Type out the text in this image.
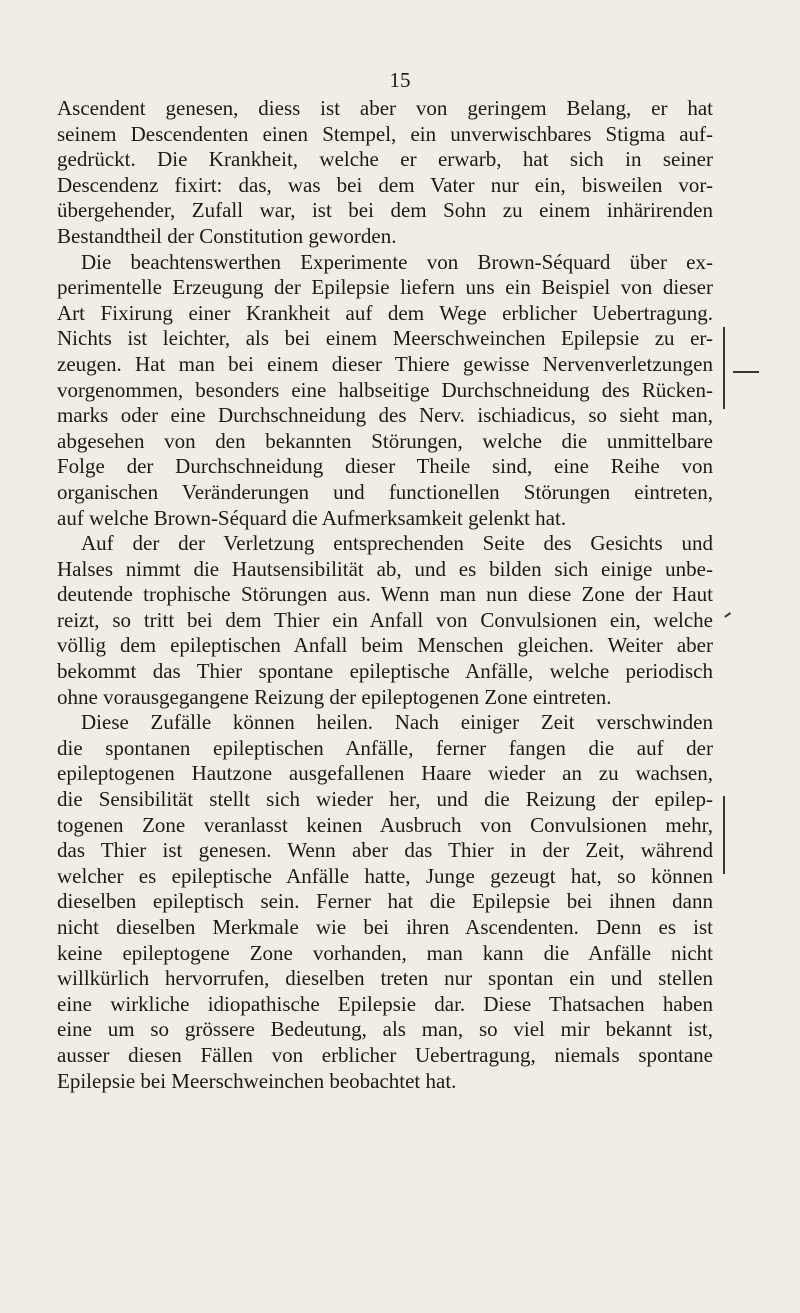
15
Ascendent genesen, diess ist aber von geringem Belang, er hat
seinem Descendenten einen Stempel, ein unverwischbares Stigma auf-
gedrückt. Die Krankheit, welche er erwarb, hat sich in seiner
Descendenz fixirt: das, was bei dem Vater nur ein, bisweilen vor-
übergehender, Zufall war, ist bei dem Sohn zu einem inhärirenden
Bestandtheil der Constitution geworden.
Die beachtenswerthen Experimente von Brown-Séquard über ex-
perimentelle Erzeugung der Epilepsie liefern uns ein Beispiel von dieser
Art Fixirung einer Krankheit auf dem Wege erblicher Uebertragung.
Nichts ist leichter, als bei einem Meerschweinchen Epilepsie zu er-
zeugen. Hat man bei einem dieser Thiere gewisse Nervenverletzungen
vorgenommen, besonders eine halbseitige Durchschneidung des Rücken-
marks oder eine Durchschneidung des Nerv. ischiadicus, so sieht man,
abgesehen von den bekannten Störungen, welche die unmittelbare
Folge der Durchschneidung dieser Theile sind, eine Reihe von
organischen Veränderungen und functionellen Störungen eintreten,
auf welche Brown-Séquard die Aufmerksamkeit gelenkt hat.
Auf der der Verletzung entsprechenden Seite des Gesichts und
Halses nimmt die Hautsensibilität ab, und es bilden sich einige unbe-
deutende trophische Störungen aus. Wenn man nun diese Zone der Haut
reizt, so tritt bei dem Thier ein Anfall von Convulsionen ein, welche
völlig dem epileptischen Anfall beim Menschen gleichen. Weiter aber
bekommt das Thier spontane epileptische Anfälle, welche periodisch
ohne vorausgegangene Reizung der epileptogenen Zone eintreten.
Diese Zufälle können heilen. Nach einiger Zeit verschwinden
die spontanen epileptischen Anfälle, ferner fangen die auf der
epileptogenen Hautzone ausgefallenen Haare wieder an zu wachsen,
die Sensibilität stellt sich wieder her, und die Reizung der epilep-
togenen Zone veranlasst keinen Ausbruch von Convulsionen mehr,
das Thier ist genesen. Wenn aber das Thier in der Zeit, während
welcher es epileptische Anfälle hatte, Junge gezeugt hat, so können
dieselben epileptisch sein. Ferner hat die Epilepsie bei ihnen dann
nicht dieselben Merkmale wie bei ihren Ascendenten. Denn es ist
keine epileptogene Zone vorhanden, man kann die Anfälle nicht
willkürlich hervorrufen, dieselben treten nur spontan ein und stellen
eine wirkliche idiopathische Epilepsie dar. Diese Thatsachen haben
eine um so grössere Bedeutung, als man, so viel mir bekannt ist,
ausser diesen Fällen von erblicher Uebertragung, niemals spontane
Epilepsie bei Meerschweinchen beobachtet hat.
